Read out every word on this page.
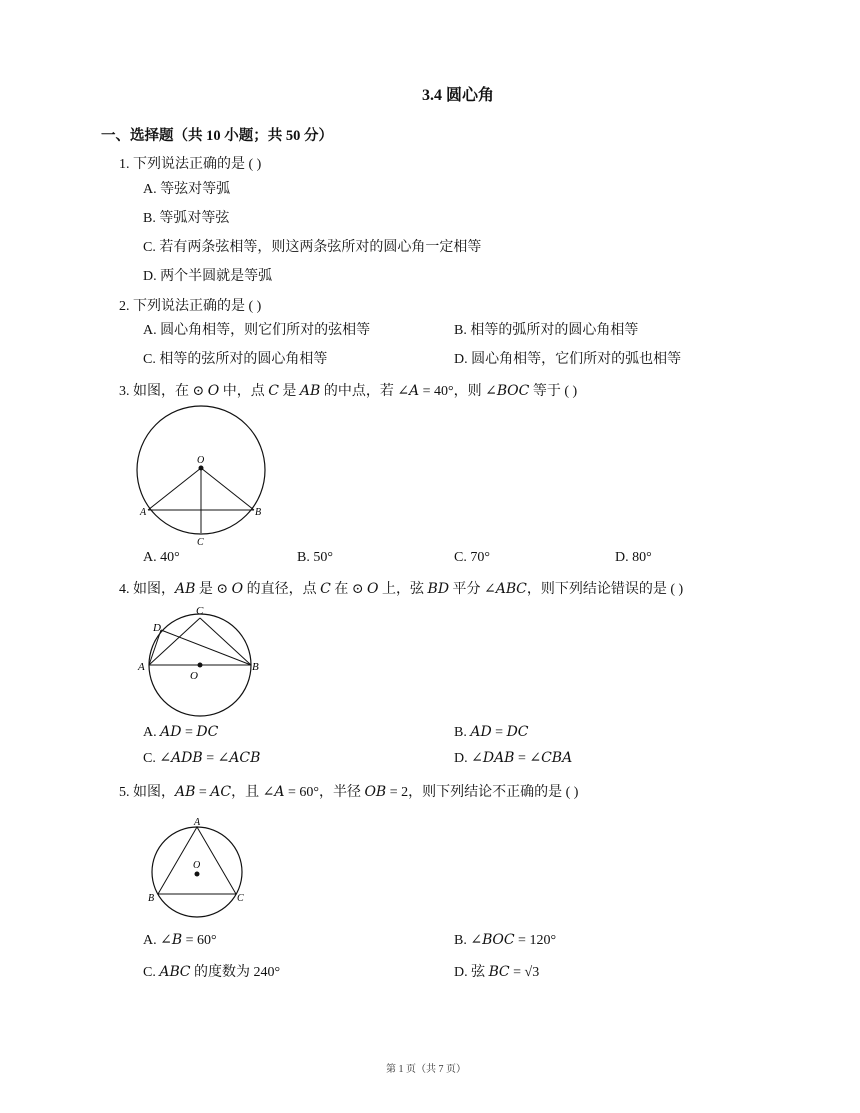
3.4 圆心角
一、选择题（共 10 小题；共 50 分）
1. 下列说法正确的是 ( )
A. 等弦对等弧
B. 等弧对等弦
C. 若有两条弦相等，则这两条弦所对的圆心角一定相等
D. 两个半圆就是等弧
2. 下列说法正确的是 ( )
A. 圆心角相等，则它们所对的弦相等	B. 相等的弧所对的圆心角相等
C. 相等的弦所对的圆心角相等	D. 圆心角相等，它们所对的弧也相等
3. 如图，在 ⊙ 𝑂 中，点 𝐶 是 𝐴𝐵 的中点，若 ∠𝐴 = 40°，则 ∠𝐵𝑂𝐶 等于 ( )
O
A	B
C
A. 40°	B. 50°	C. 70°	D. 80°
4. 如图，𝐴𝐵 是 ⊙ 𝑂 的直径，点 𝐶 在 ⊙ 𝑂 上，弦 𝐵𝐷 平分 ∠𝐴𝐵𝐶，则下列结论错误的是 ( )
C
D
A	B
O
A. 𝐴𝐷 = 𝐷𝐶	B. 𝐴𝐷 = 𝐷𝐶
C. ∠𝐴𝐷𝐵 = ∠𝐴𝐶𝐵	D. ∠𝐷𝐴𝐵 = ∠𝐶𝐵𝐴
5. 如图，𝐴𝐵 = 𝐴𝐶，且 ∠𝐴 = 60°，半径 𝑂𝐵 = 2，则下列结论不正确的是 ( )
A
O
B	C
A. ∠𝐵 = 60°	B. ∠𝐵𝑂𝐶 = 120°
C. 𝐴𝐵𝐶 的度数为 240°	D. 弦 𝐵𝐶 = √3
第 1 页（共 7 页）
